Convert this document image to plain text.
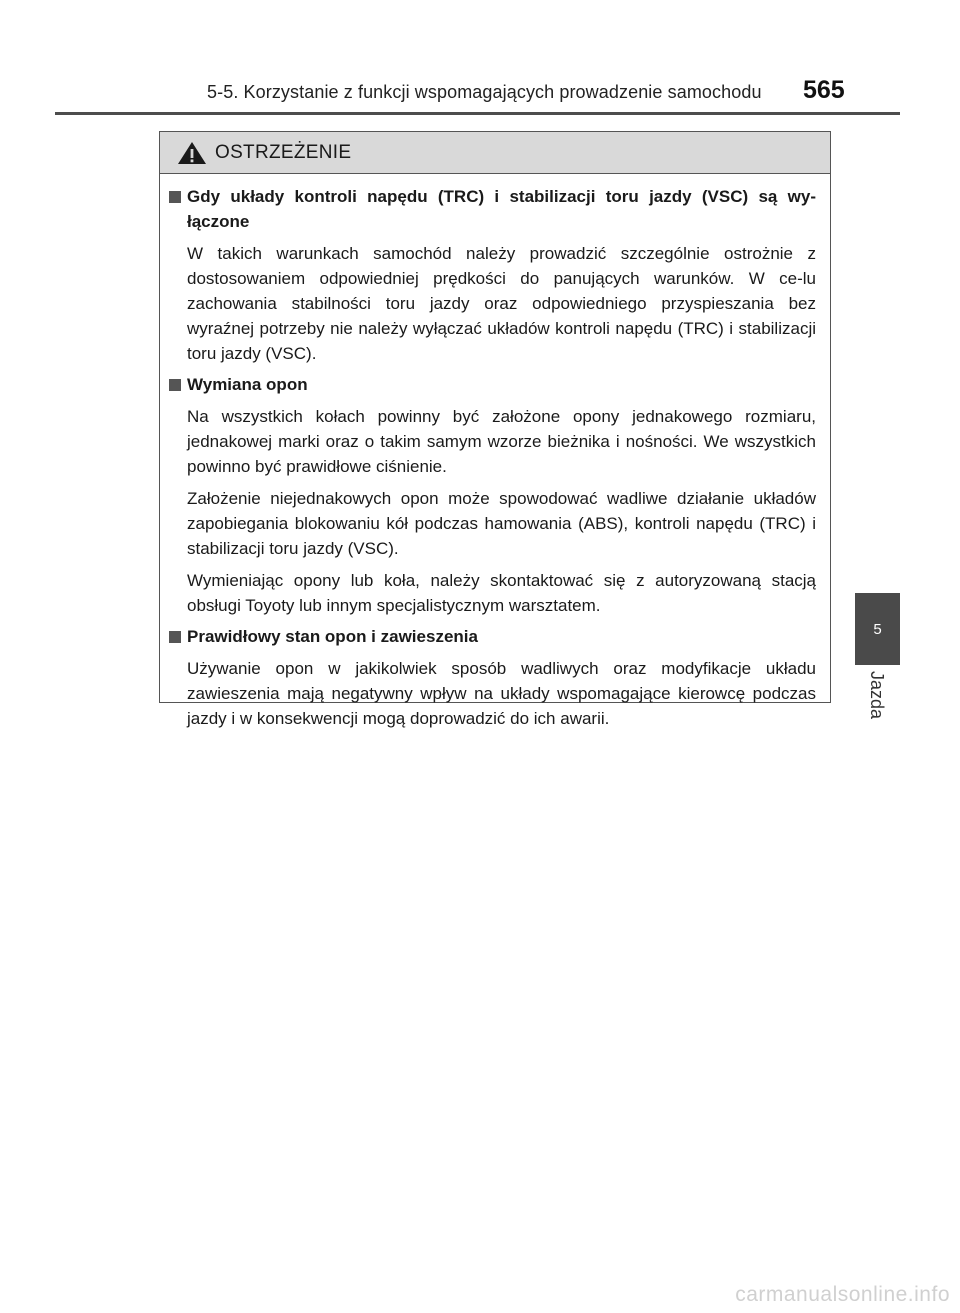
5-5. Korzystanie z funkcji wspomagających prowadzenie samochodu 565
OSTRZEŻENIE
Gdy układy kontroli napędu (TRC) i stabilizacji toru jazdy (VSC) są wy-łączone

W takich warunkach samochód należy prowadzić szczególnie ostrożnie z dostosowaniem odpowiedniej prędkości do panujących warunków. W ce-lu zachowania stabilności toru jazdy oraz odpowiedniego przyspieszania bez wyraźnej potrzeby nie należy wyłączać układów kontroli napędu (TRC) i stabilizacji toru jazdy (VSC).

Wymiana opon

Na wszystkich kołach powinny być założone opony jednakowego rozmiaru, jednakowej marki oraz o takim samym wzorze bieżnika i nośności. We wszystkich powinno być prawidłowe ciśnienie.

Założenie niejednakowych opon może spowodować wadliwe działanie układów zapobiegania blokowaniu kół podczas hamowania (ABS), kontroli napędu (TRC) i stabilizacji toru jazdy (VSC).

Wymieniając opony lub koła, należy skontaktować się z autoryzowaną stacją obsługi Toyoty lub innym specjalistycznym warsztatem.

Prawidłowy stan opon i zawieszenia

Używanie opon w jakikolwiek sposób wadliwych oraz modyfikacje układu zawieszenia mają negatywny wpływ na układy wspomagające kierowcę podczas jazdy i w konsekwencji mogą doprowadzić do ich awarii.

5
Jazda
carmanualsonline.info
